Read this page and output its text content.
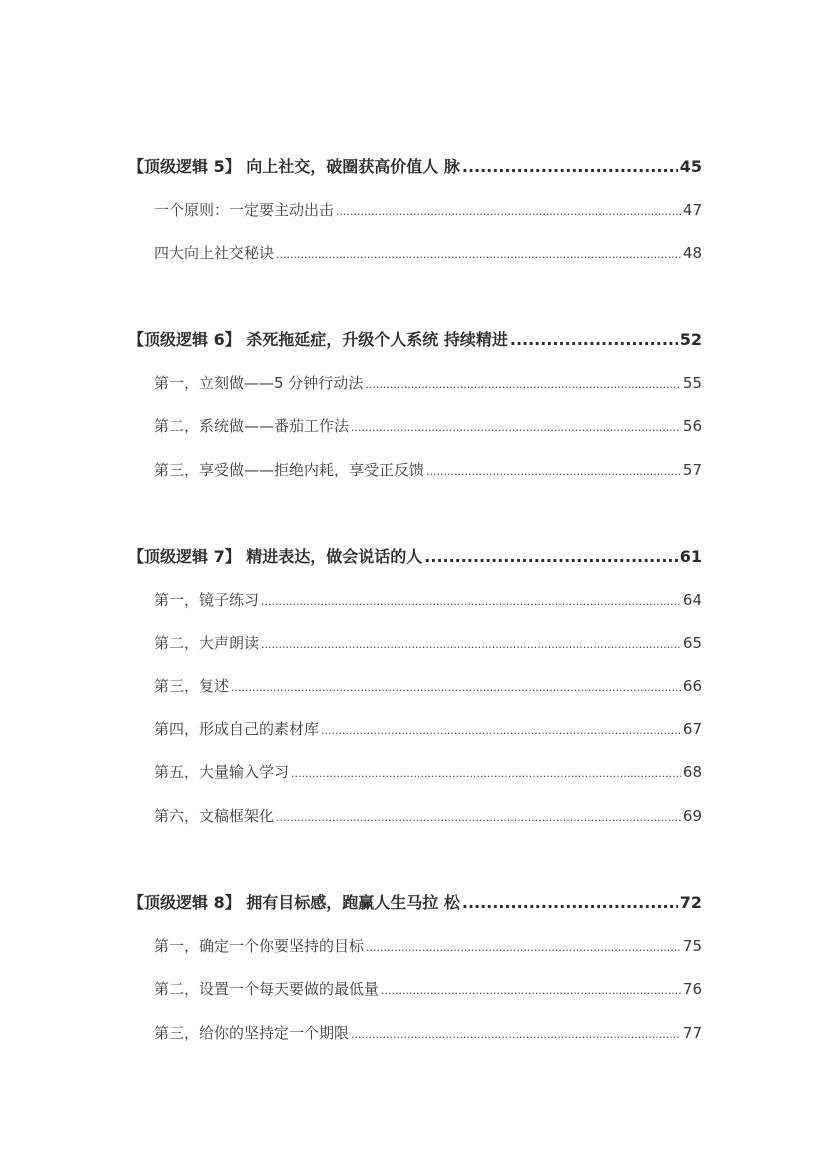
【顶级逻辑 5】 向上社交，破圈获高价值人 脉 .....	45
一个原则：一定要主动出击 .....	47
四大向上社交秘诀 .....	48
【顶级逻辑 6】 杀死拖延症，升级个人系统 持续精进 .....	52
第一，立刻做——5 分钟行动法 .....	55
第二，系统做——番茄工作法 .....	56
第三，享受做——拒绝内耗，享受正反馈 .....	57
【顶级逻辑 7】 精进表达，做会说话的人 .....	61
第一，镜子练习 .....	64
第二，大声朗读 .....	65
第三，复述 .....	66
第四，形成自己的素材库 .....	67
第五，大量输入学习 .....	68
第六，文稿框架化 .....	69
【顶级逻辑 8】 拥有目标感，跑赢人生马拉 松 .....	72
第一，确定一个你要坚持的目标 .....	75
第二，设置一个每天要做的最低量 .....	76
第三，给你的坚持定一个期限 .....	77
